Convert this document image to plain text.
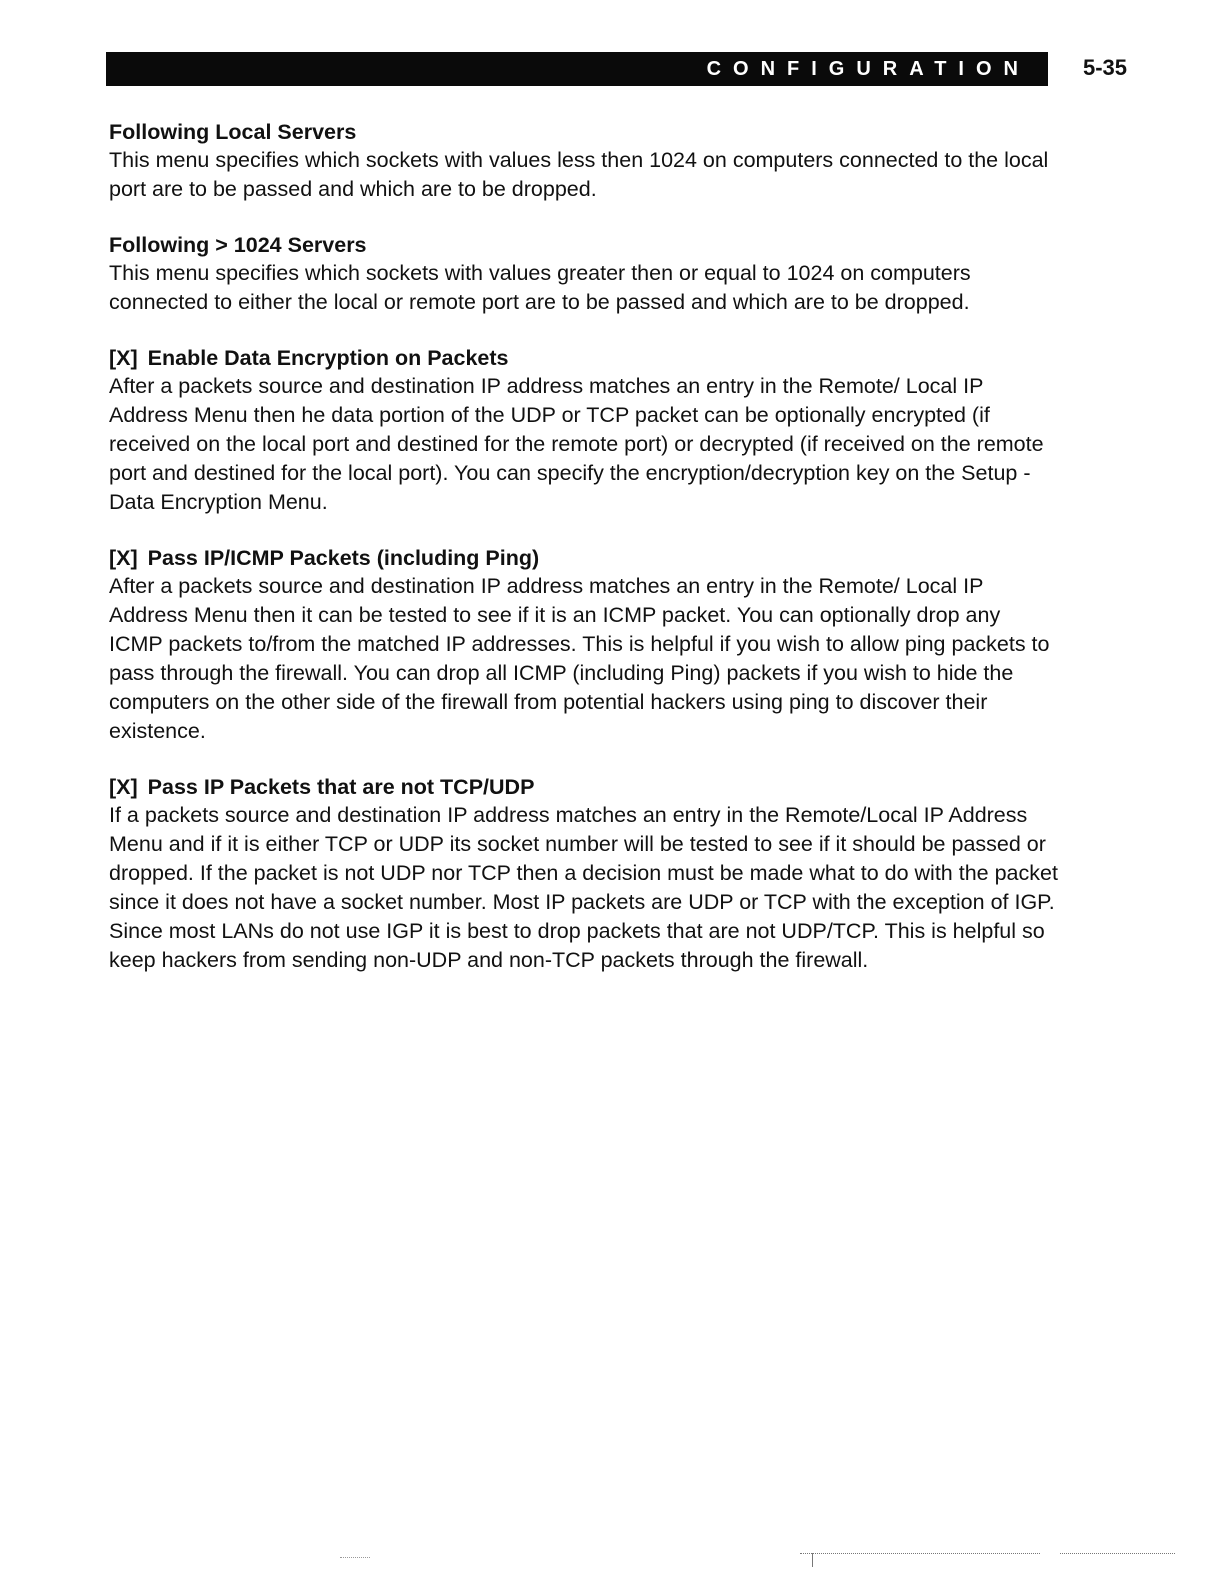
CONFIGURATION 5-35

Following Local Servers

This menu specifies which sockets with values less then 1024 on computers connected to the local port are to be passed and which are to be dropped.

Following > 1024 Servers

This menu specifies which sockets with values greater then or equal to 1024 on computers connected to either the local or remote port are to be passed and which are to be dropped.

[X] Enable Data Encryption on Packets

After a packets source and destination IP address matches an entry in the Remote/ Local IP Address Menu then he data portion of the UDP or TCP packet can be optionally encrypted (if received on the local port and destined for the remote port) or decrypted (if received on the remote port and destined for the local port). You can specify the encryption/decryption key on the Setup - Data Encryption Menu.

[X] Pass IP/ICMP Packets (including Ping)

After a packets source and destination IP address matches an entry in the Remote/ Local IP Address Menu then it can be tested to see if it is an ICMP packet. You can optionally drop any ICMP packets to/from the matched IP addresses. This is helpful if you wish to allow ping packets to pass through the firewall. You can drop all ICMP (including Ping) packets if you wish to hide the computers on the other side of the firewall from potential hackers using ping to discover their existence.

[X] Pass IP Packets that are not TCP/UDP

If a packets source and destination IP address matches an entry in the Remote/Local IP Address Menu and if it is either TCP or UDP its socket number will be tested to see if it should be passed or dropped. If the packet is not UDP nor TCP then a decision must be made what to do with the packet since it does not have a socket number. Most IP packets are UDP or TCP with the exception of IGP. Since most LANs do not use IGP it is best to drop packets that are not UDP/TCP. This is helpful so keep hackers from sending non-UDP and non-TCP packets through the firewall.
